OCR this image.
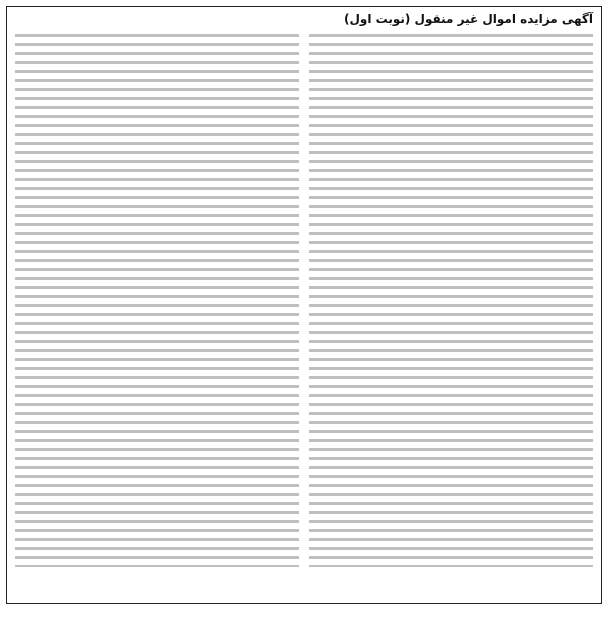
آگهی مزایده اموال غیر منقول (نوبت اول)
